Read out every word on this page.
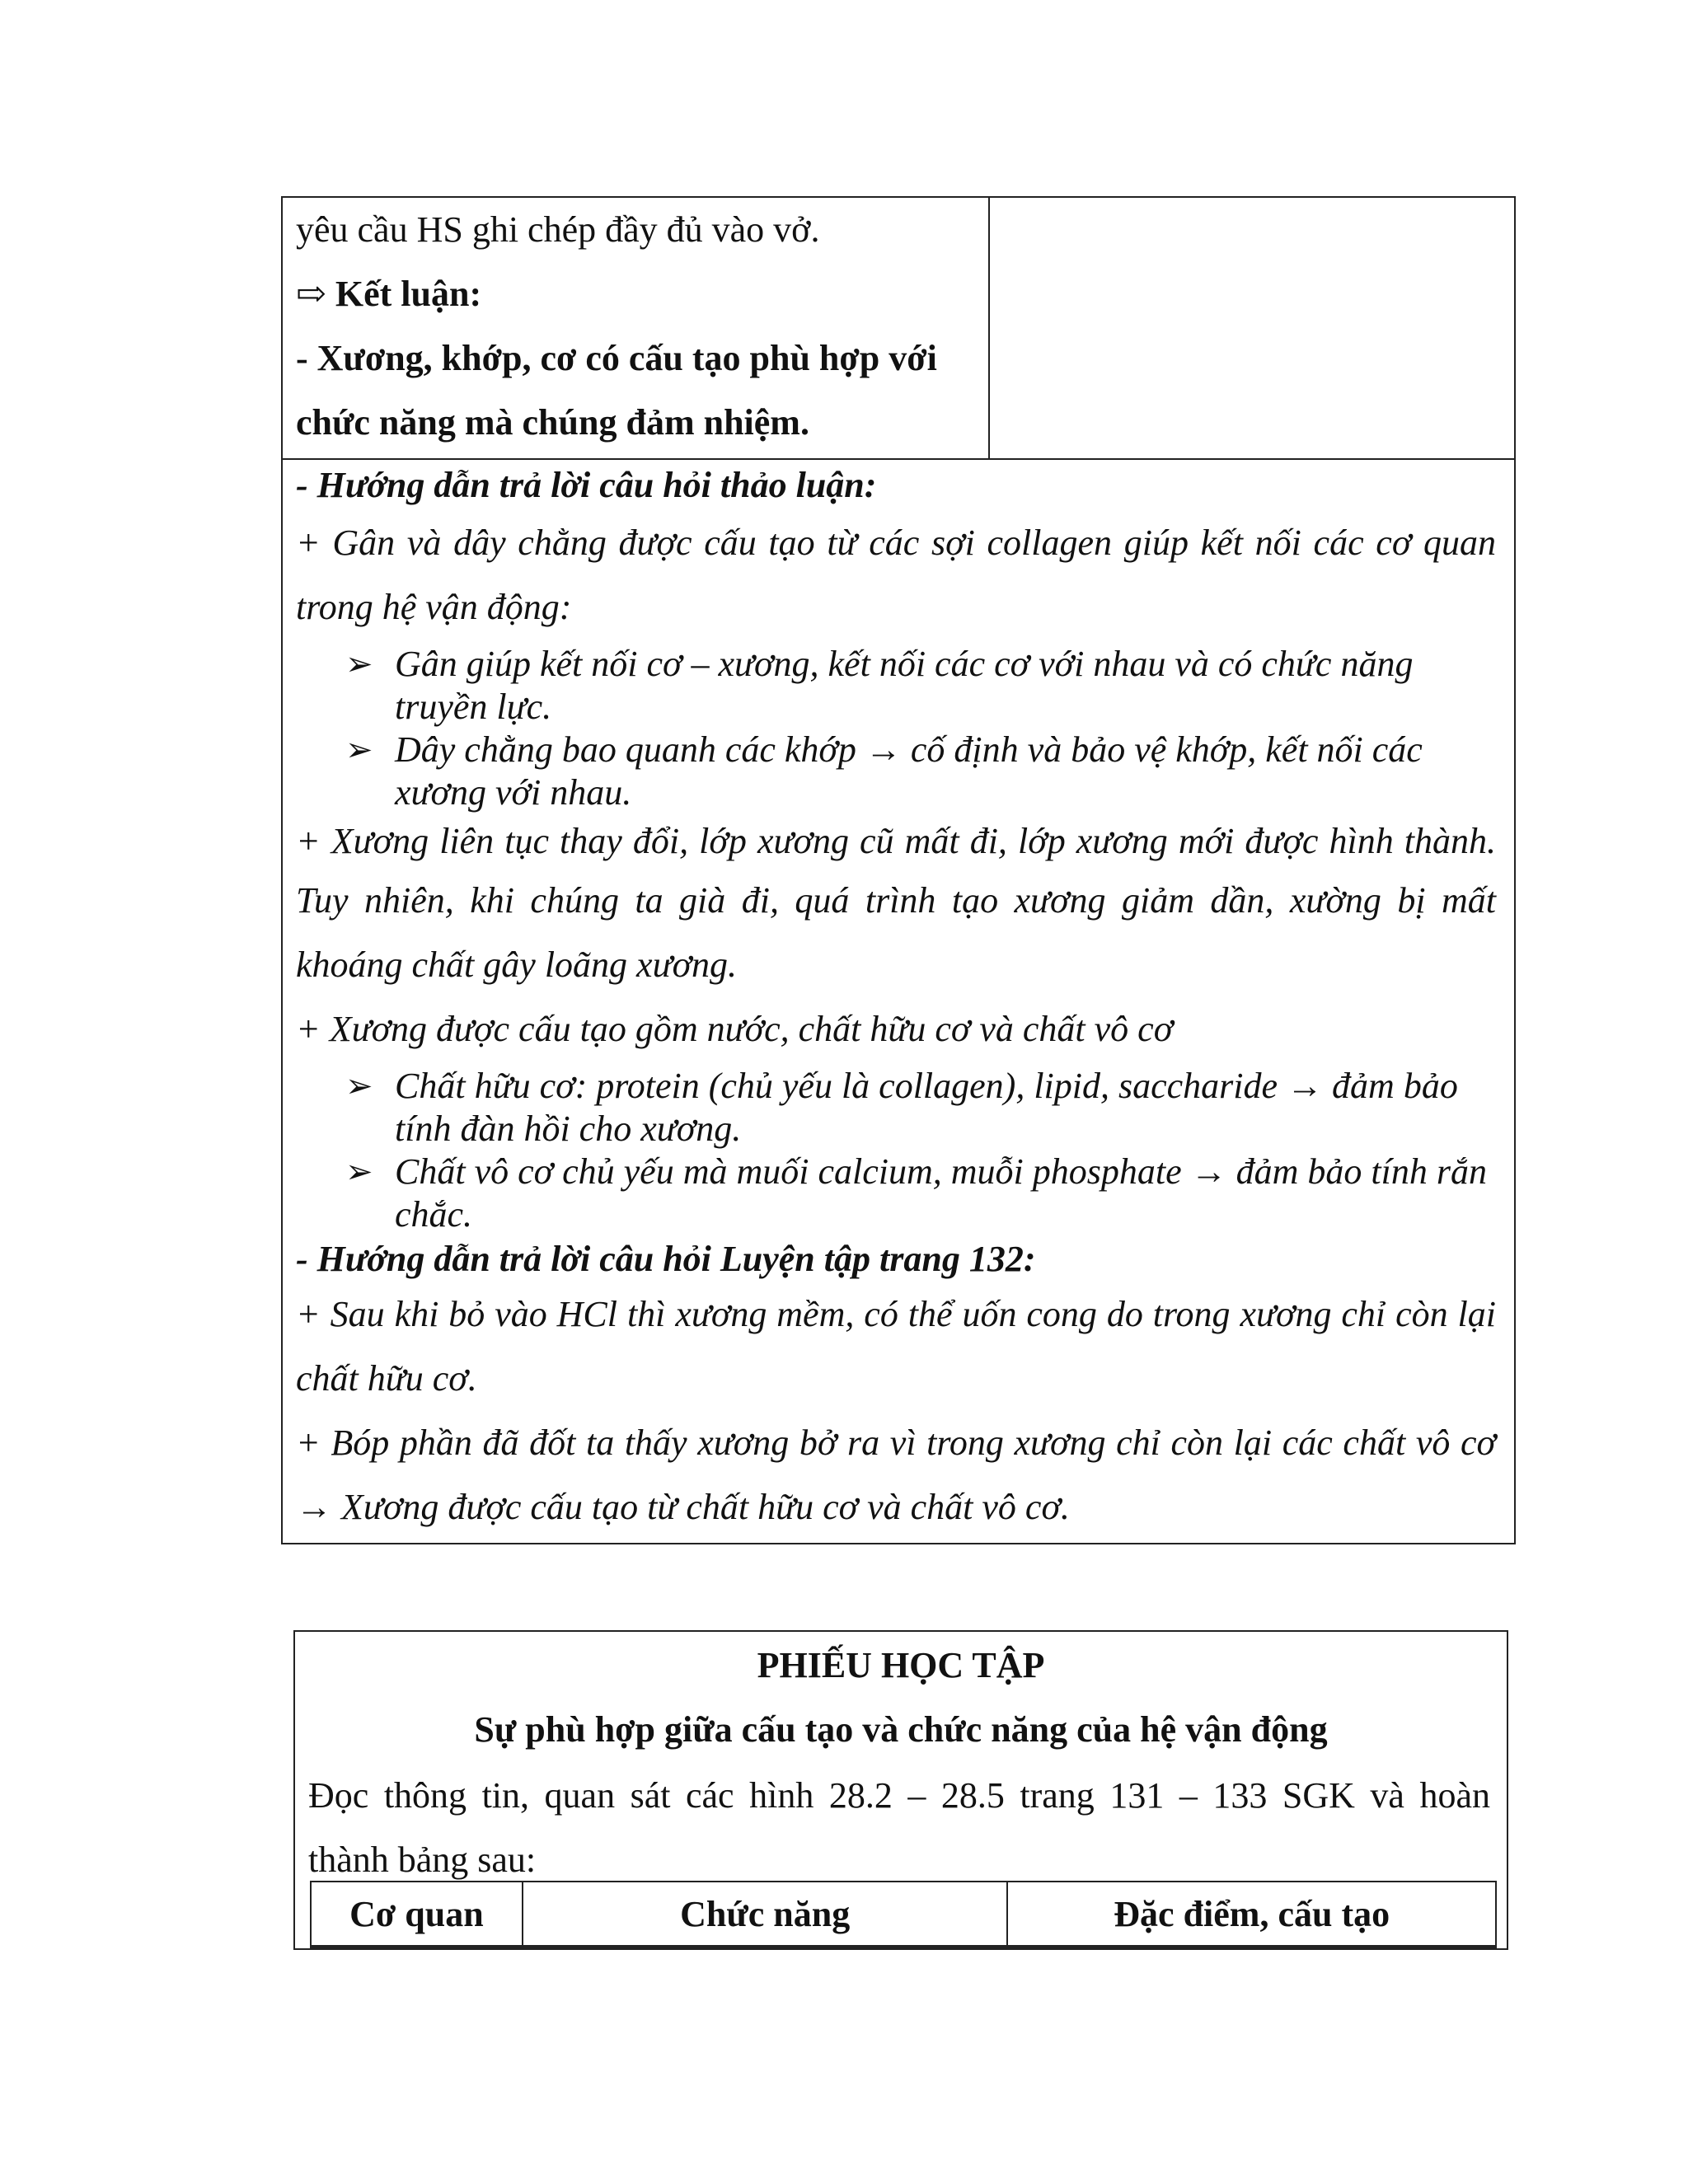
yêu cầu HS ghi chép đầy đủ vào vở.
⇨ Kết luận:
- Xương, khớp, cơ có cấu tạo phù hợp với
chức năng mà chúng đảm nhiệm.

- Hướng dẫn trả lời câu hỏi thảo luận:
+ Gân và dây chằng được cấu tạo từ các sợi collagen giúp kết nối các cơ quan
trong hệ vận động:
➢ Gân giúp kết nối cơ – xương, kết nối các cơ với nhau và có chức năng truyền lực.
➢ Dây chằng bao quanh các khớp → cố định và bảo vệ khớp, kết nối các xương với nhau.
+ Xương liên tục thay đổi, lớp xương cũ mất đi, lớp xương mới được hình thành.
Tuy nhiên, khi chúng ta già đi, quá trình tạo xương giảm dần, xường bị mất
khoáng chất gây loãng xương.
+ Xương được cấu tạo gồm nước, chất hữu cơ và chất vô cơ
➢ Chất hữu cơ: protein (chủ yếu là collagen), lipid, saccharide → đảm bảo tính đàn hồi cho xương.
➢ Chất vô cơ chủ yếu mà muối calcium, muỗi phosphate → đảm bảo tính rắn chắc.
- Hướng dẫn trả lời câu hỏi Luyện tập trang 132:
+ Sau khi bỏ vào HCl thì xương mềm, có thể uốn cong do trong xương chỉ còn lại
chất hữu cơ.
+ Bóp phần đã đốt ta thấy xương bở ra vì trong xương chỉ còn lại các chất vô cơ
→ Xương được cấu tạo từ chất hữu cơ và chất vô cơ.
PHIẾU HỌC TẬP
Sự phù hợp giữa cấu tạo và chức năng của hệ vận động
Đọc thông tin, quan sát các hình 28.2 – 28.5 trang 131 – 133 SGK và hoàn
thành bảng sau:
Cơ quan	Chức năng	Đặc điểm, cấu tạo
